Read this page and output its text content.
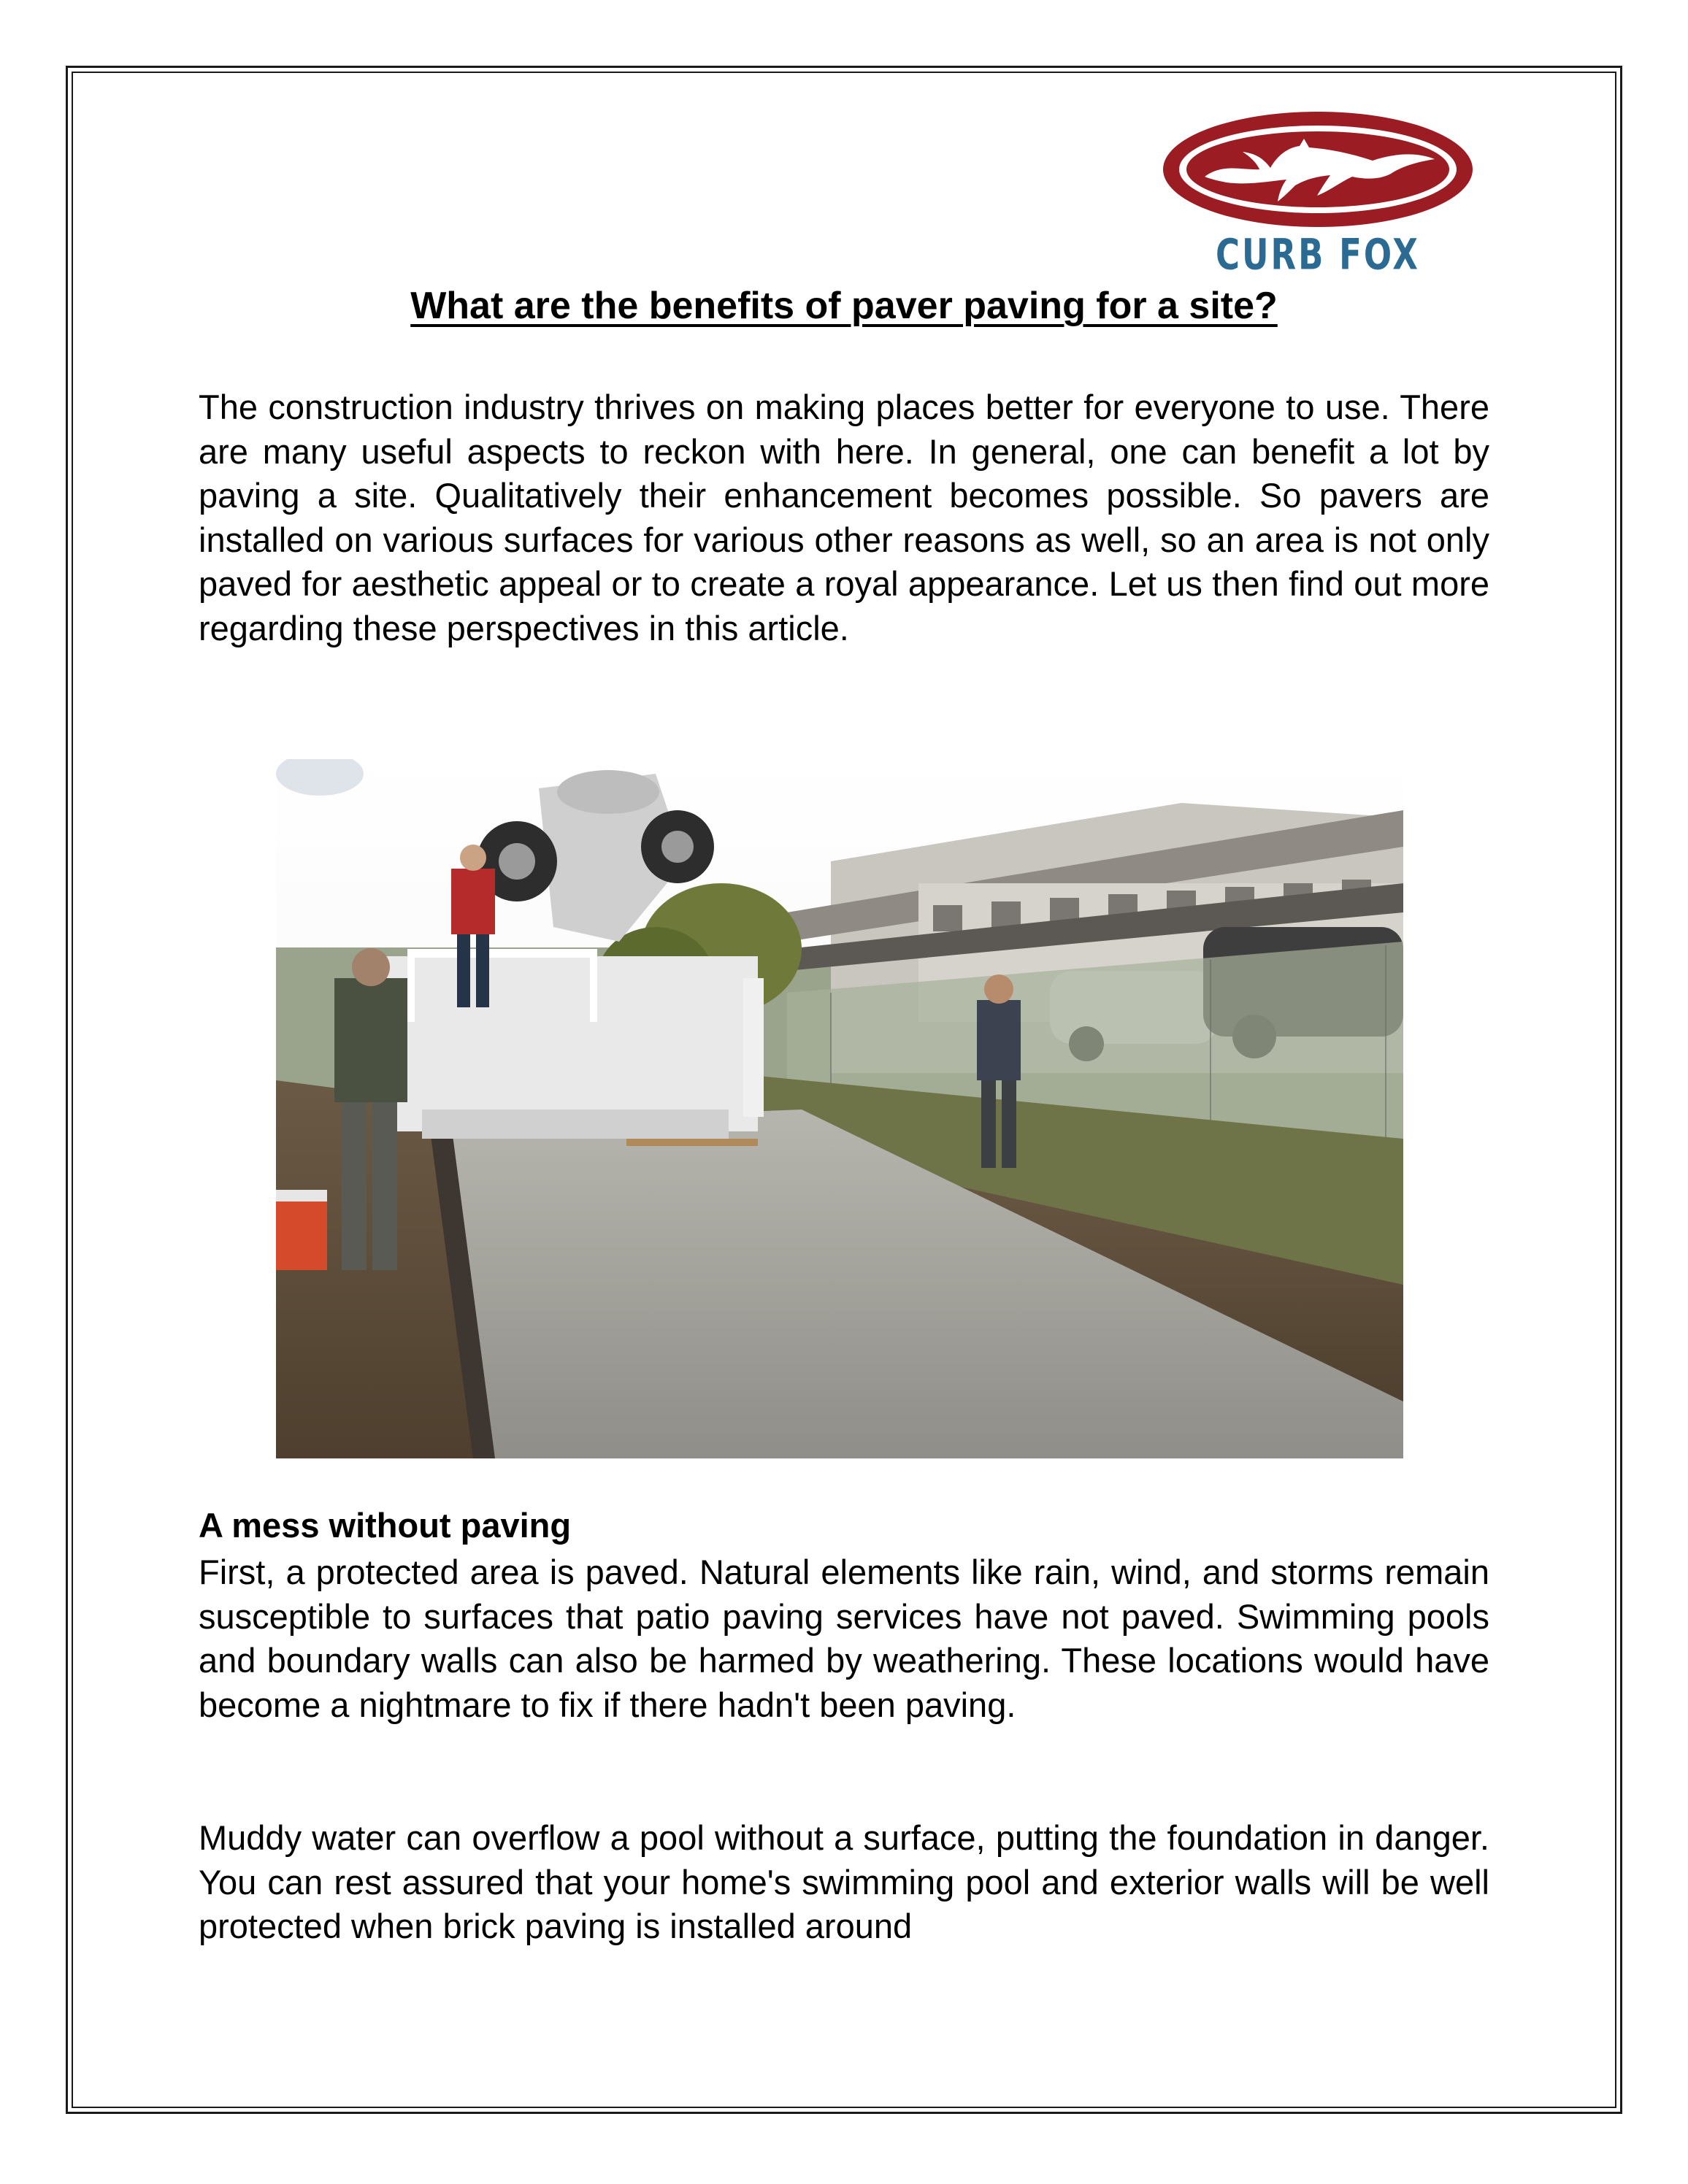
CURB FOX
What are the benefits of paver paving for a site?

The construction industry thrives on making places better for everyone to use. There are many useful aspects to reckon with here. In general, one can benefit a lot by paving a site. Qualitatively their enhancement becomes possible. So pavers are installed on various surfaces for various other reasons as well, so an area is not only paved for aesthetic appeal or to create a royal appearance. Let us then find out more regarding these perspectives in this article.

A mess without paving

First, a protected area is paved. Natural elements like rain, wind, and storms remain susceptible to surfaces that patio paving services have not paved. Swimming pools and boundary walls can also be harmed by weathering. These locations would have become a nightmare to fix if there hadn't been paving.

Muddy water can overflow a pool without a surface, putting the foundation in danger. You can rest assured that your home's swimming pool and exterior walls will be well protected when brick paving is installed around
